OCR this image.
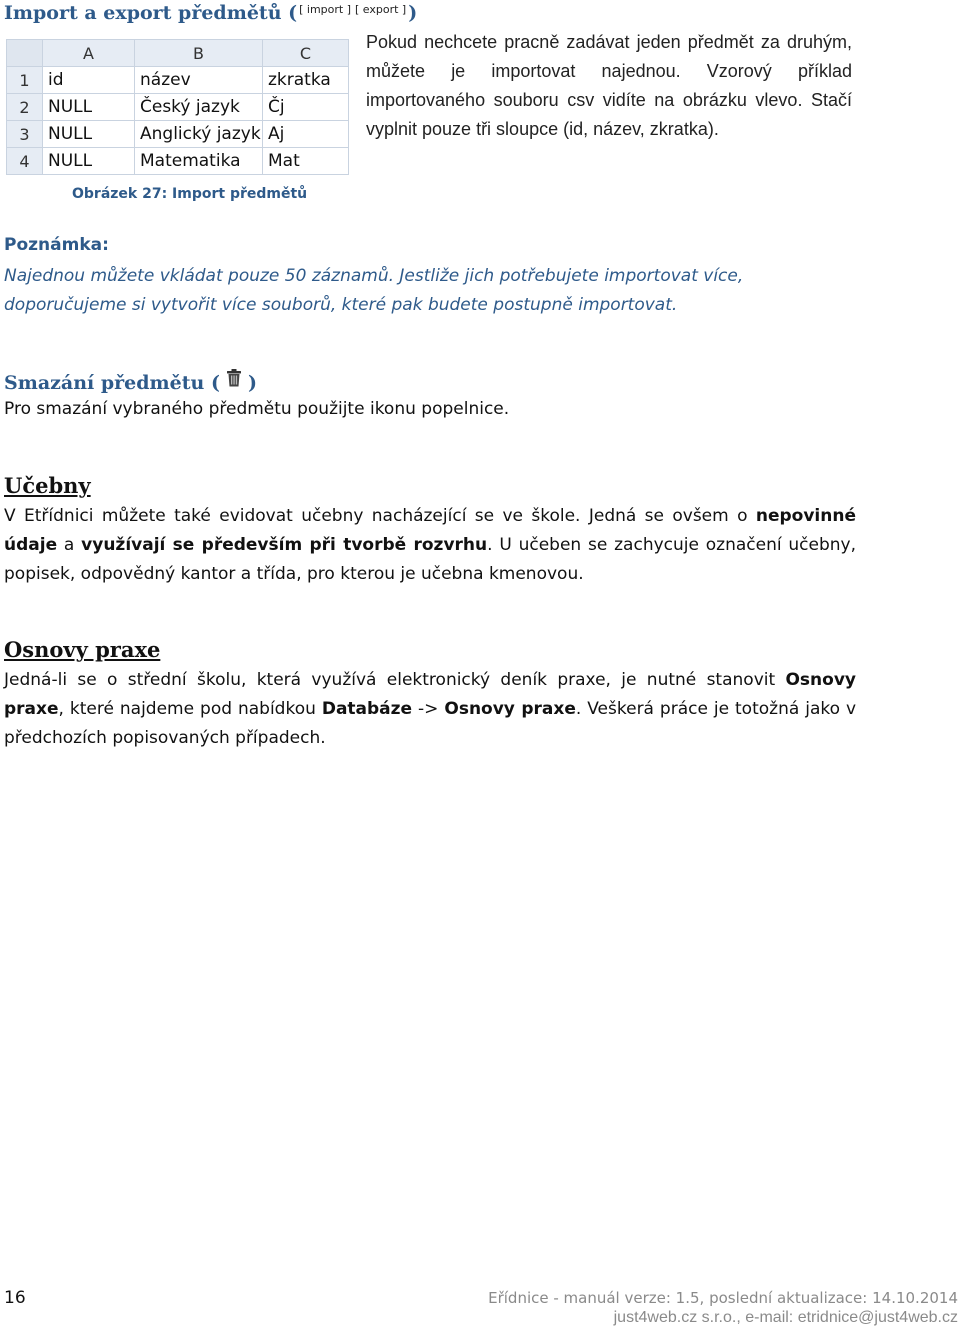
Import a export předmětů ( [ import ] [ export ] )
	A	B	C
1	id	název	zkratka
2	NULL	Český jazyk	Čj
3	NULL	Anglický jazyk	Aj
4	NULL	Matematika	Mat
Pokud nechcete pracně zadávat jeden předmět za druhým, můžete je importovat najednou. Vzorový příklad importovaného souboru csv vidíte na obrázku vlevo. Stačí vyplnit pouze tři sloupce (id, název, zkratka).
Obrázek 27: Import předmětů
Poznámka:
Najednou můžete vkládat pouze 50 záznamů. Jestliže jich potřebujete importovat více, doporučujeme si vytvořit více souborů, které pak budete postupně importovat.
Smazání předmětu ( )
Pro smazání vybraného předmětu použijte ikonu popelnice.
Učebny
V Etřídnici můžete také evidovat učebny nacházející se ve škole. Jedná se ovšem o nepovinné údaje a využívají se především při tvorbě rozvrhu. U učeben se zachycuje označení učebny, popisek, odpovědný kantor a třída, pro kterou je učebna kmenovou.
Osnovy praxe
Jedná-li se o střední školu, která využívá elektronický deník praxe, je nutné stanovit Osnovy praxe, které najdeme pod nabídkou Databáze -> Osnovy praxe. Veškerá práce je totožná jako v předchozích popisovaných případech.
16	Eřídnice - manuál verze: 1.5, poslední aktualizace: 14.10.2014
just4web.cz s.r.o., e-mail: etridnice@just4web.cz
